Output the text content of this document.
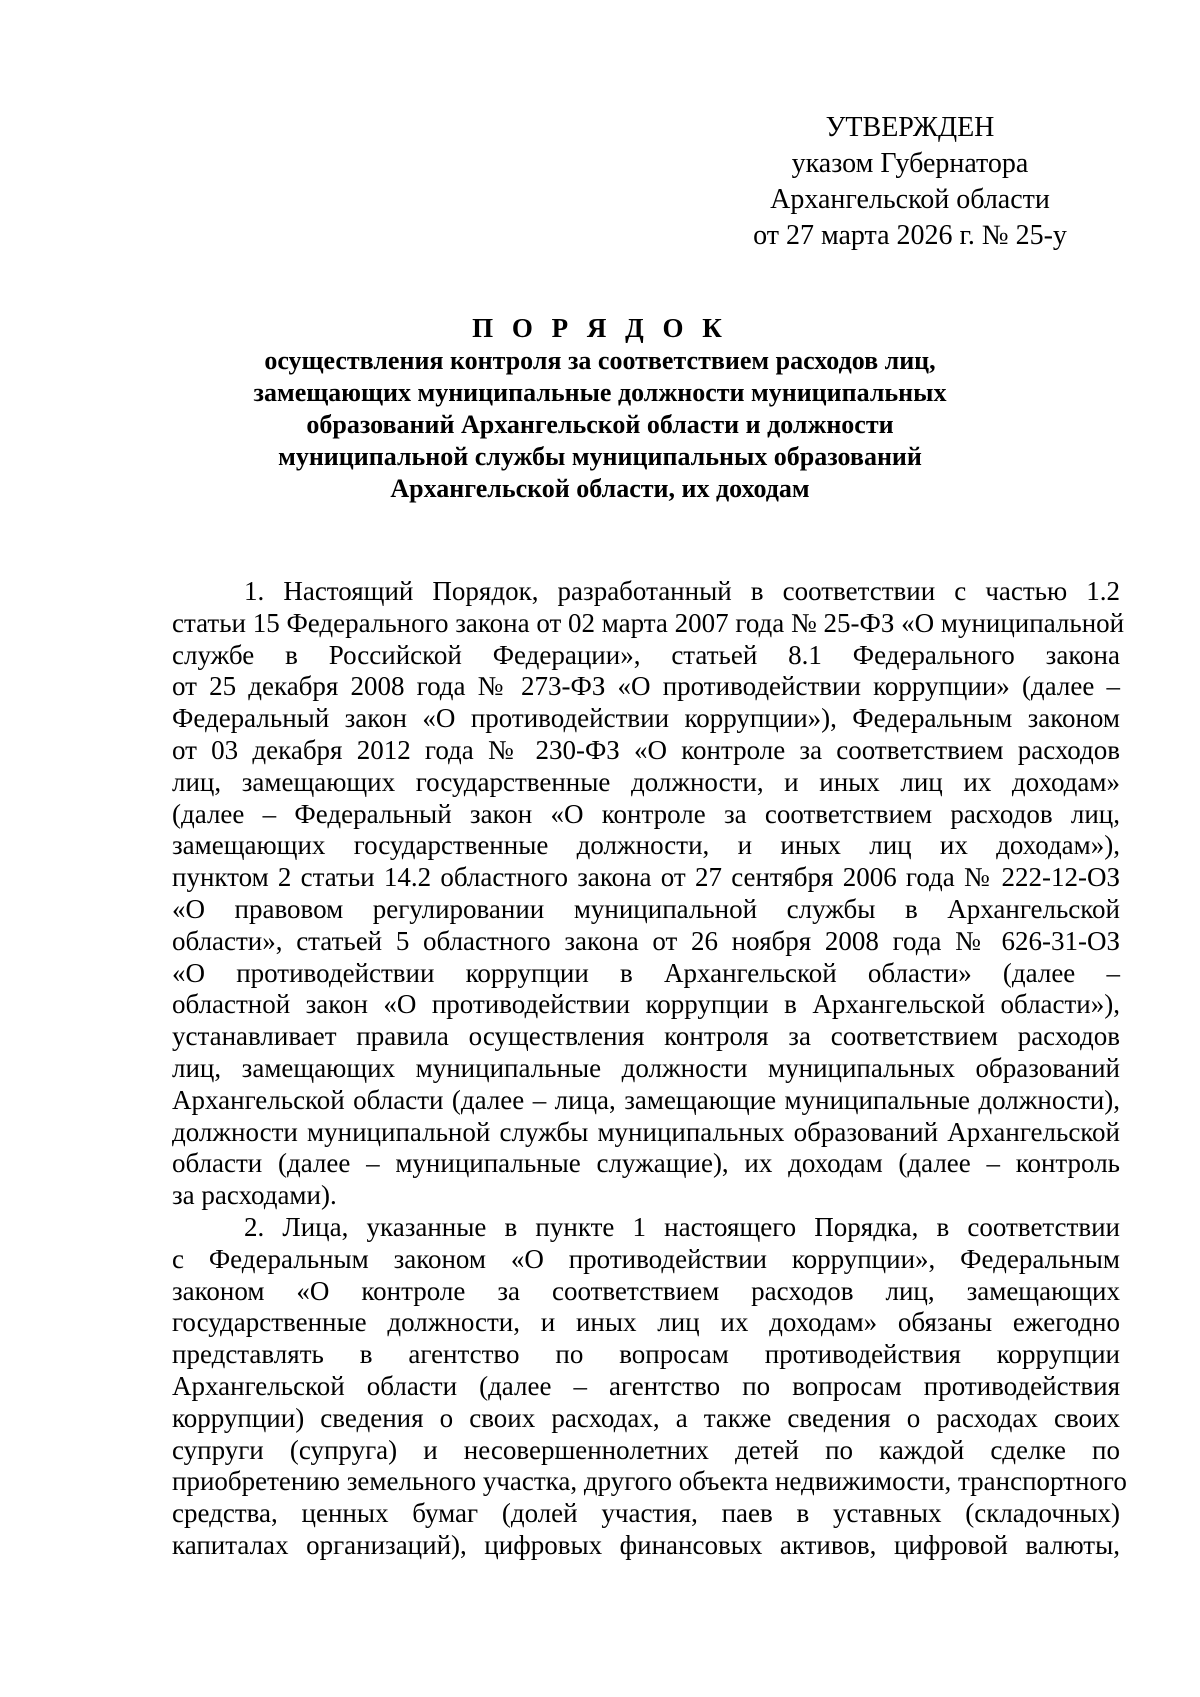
УТВЕРЖДЕН
указом Губернатора
Архангельской области
от 27 марта 2026 г. № 25-у
П О Р Я Д О К
осуществления контроля за соответствием расходов лиц,
замещающих муниципальные должности муниципальных
образований Архангельской области и должности
муниципальной службы муниципальных образований
Архангельской области, их доходам
1. Настоящий Порядок, разработанный в соответствии с частью 1.2
статьи 15 Федерального закона от 02 марта 2007 года № 25-ФЗ «О муниципальной
службе в Российской Федерации», статьей 8.1 Федерального закона
от 25 декабря 2008 года № 273-ФЗ «О противодействии коррупции» (далее –
Федеральный закон «О противодействии коррупции»), Федеральным законом
от 03 декабря 2012 года № 230-ФЗ «О контроле за соответствием расходов
лиц, замещающих государственные должности, и иных лиц их доходам»
(далее – Федеральный закон «О контроле за соответствием расходов лиц,
замещающих государственные должности, и иных лиц их доходам»),
пунктом 2 статьи 14.2 областного закона от 27 сентября 2006 года № 222-12-ОЗ
«О правовом регулировании муниципальной службы в Архангельской
области», статьей 5 областного закона от 26 ноября 2008 года № 626-31-ОЗ
«О противодействии коррупции в Архангельской области» (далее –
областной закон «О противодействии коррупции в Архангельской области»),
устанавливает правила осуществления контроля за соответствием расходов
лиц, замещающих муниципальные должности муниципальных образований
Архангельской области (далее – лица, замещающие муниципальные должности),
должности муниципальной службы муниципальных образований Архангельской
области (далее – муниципальные служащие), их доходам (далее – контроль
за расходами).
2. Лица, указанные в пункте 1 настоящего Порядка, в соответствии
с Федеральным законом «О противодействии коррупции», Федеральным
законом «О контроле за соответствием расходов лиц, замещающих
государственные должности, и иных лиц их доходам» обязаны ежегодно
представлять в агентство по вопросам противодействия коррупции
Архангельской области (далее – агентство по вопросам противодействия
коррупции) сведения о своих расходах, а также сведения о расходах своих
супруги (супруга) и несовершеннолетних детей по каждой сделке по
приобретению земельного участка, другого объекта недвижимости, транспортного
средства, ценных бумаг (долей участия, паев в уставных (складочных)
капиталах организаций), цифровых финансовых активов, цифровой валюты,
